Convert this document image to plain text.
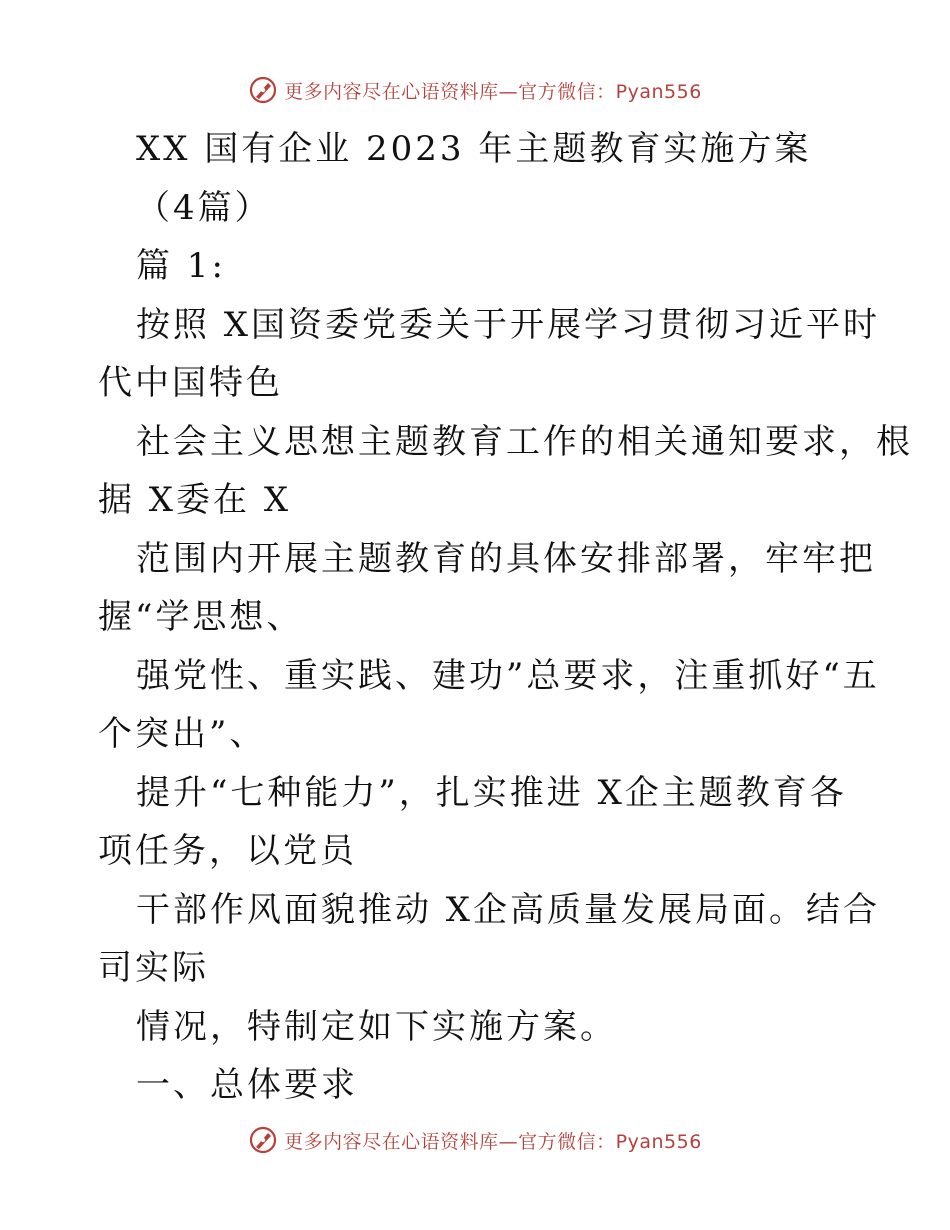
更多内容尽在心语资料库—官方微信：Pyan556
XX 国有企业 2023 年主题教育实施方案
（4篇）
篇 1:
按照 X国资委党委关于开展学习贯彻习近平时
代中国特色
社会主义思想主题教育工作的相关通知要求，根
据 X委在 X
范围内开展主题教育的具体安排部署，牢牢把
握“学思想、
强党性、重实践、建功”总要求，注重抓好“五
个突出”、
提升“七种能力”，扎实推进 X企主题教育各
项任务，以党员
干部作风面貌推动 X企高质量发展局面。结合
司实际
情况，特制定如下实施方案。
一、总体要求
更多内容尽在心语资料库—官方微信：Pyan556
